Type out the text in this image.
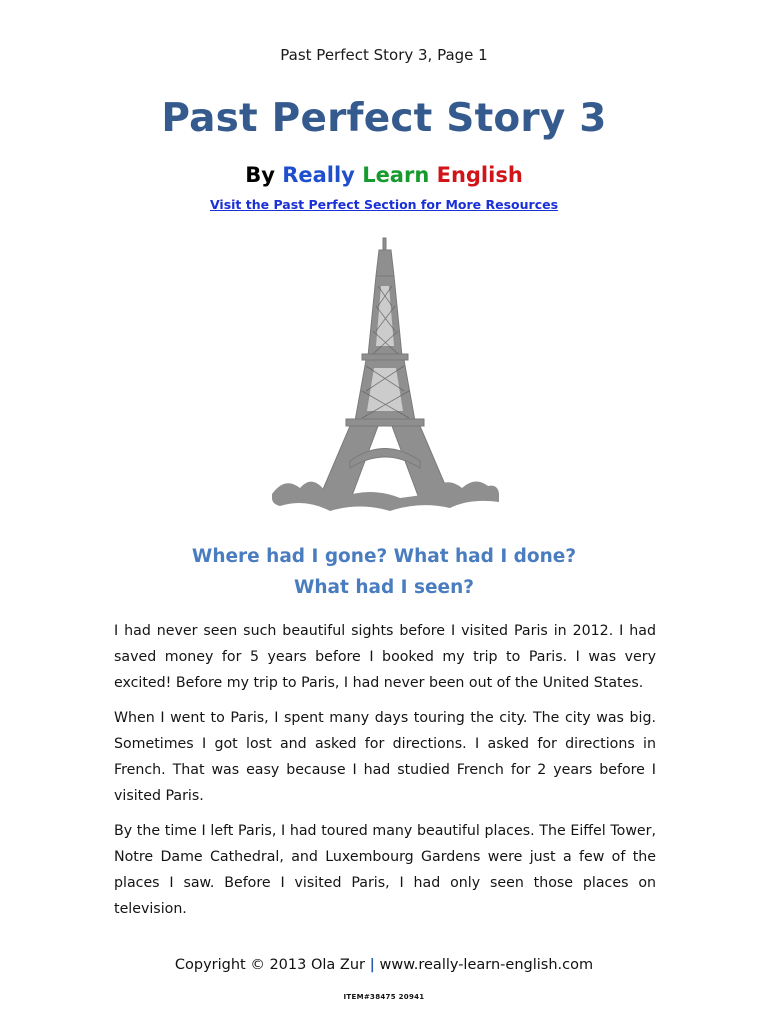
Past Perfect Story 3, Page 1
Past Perfect Story 3
By Really Learn English
Visit the Past Perfect Section for More Resources
Where had I gone? What had I done?
What had I seen?

I had never seen such beautiful sights before I visited Paris in 2012. I had saved money for 5 years before I booked my trip to Paris. I was very excited! Before my trip to Paris, I had never been out of the United States.

When I went to Paris, I spent many days touring the city. The city was big. Sometimes I got lost and asked for directions. I asked for directions in French. That was easy because I had studied French for 2 years before I visited Paris.

By the time I left Paris, I had toured many beautiful places. The Eiffel Tower, Notre Dame Cathedral, and Luxembourg Gardens were just a few of the places I saw. Before I visited Paris, I had only seen those places on television.

Copyright © 2013 Ola Zur | www.really-learn-english.com
ITEM#38475 20941
